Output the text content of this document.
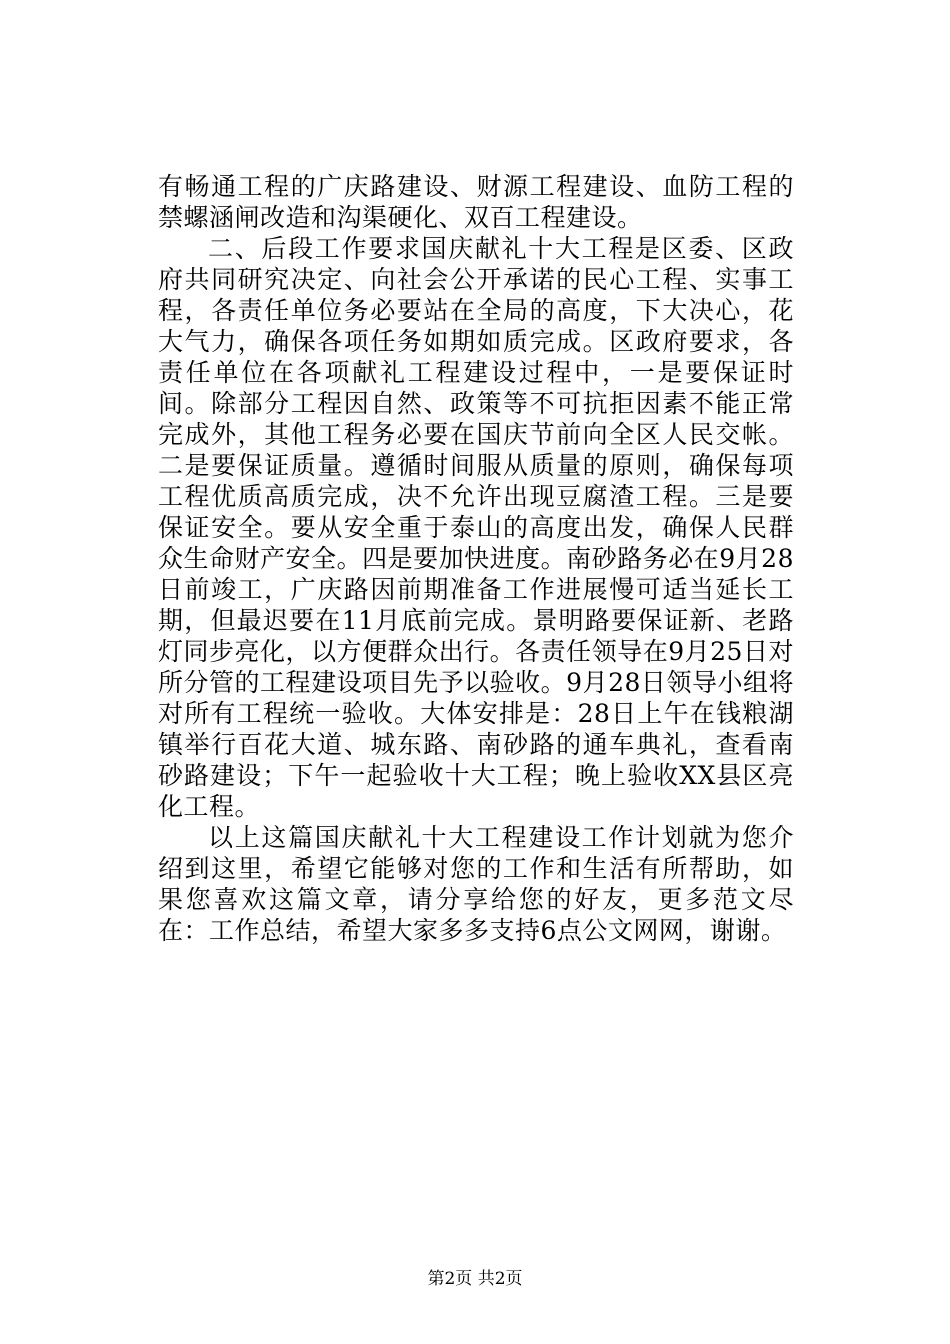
有畅通工程的广庆路建设、财源工程建设、血防工程的禁螺涵闸改造和沟渠硬化、双百工程建设。

二、后段工作要求国庆献礼十大工程是区委、区政府共同研究决定、向社会公开承诺的民心工程、实事工程，各责任单位务必要站在全局的高度，下大决心，花大气力，确保各项任务如期如质完成。区政府要求，各责任单位在各项献礼工程建设过程中，一是要保证时间。除部分工程因自然、政策等不可抗拒因素不能正常完成外，其他工程务必要在国庆节前向全区人民交帐。二是要保证质量。遵循时间服从质量的原则，确保每项工程优质高质完成，决不允许出现豆腐渣工程。三是要保证安全。要从安全重于泰山的高度出发，确保人民群众生命财产安全。四是要加快进度。南砂路务必在9月28日前竣工，广庆路因前期准备工作进展慢可适当延长工期，但最迟要在11月底前完成。景明路要保证新、老路灯同步亮化，以方便群众出行。各责任领导在9月25日对所分管的工程建设项目先予以验收。9月28日领导小组将对所有工程统一验收。大体安排是：28日上午在钱粮湖镇举行百花大道、城东路、南砂路的通车典礼，查看南砂路建设；下午一起验收十大工程；晚上验收XX县区亮化工程。

以上这篇国庆献礼十大工程建设工作计划就为您介绍到这里，希望它能够对您的工作和生活有所帮助，如果您喜欢这篇文章，请分享给您的好友，更多范文尽在：工作总结，希望大家多多支持6点公文网网，谢谢。

第2页 共2页
